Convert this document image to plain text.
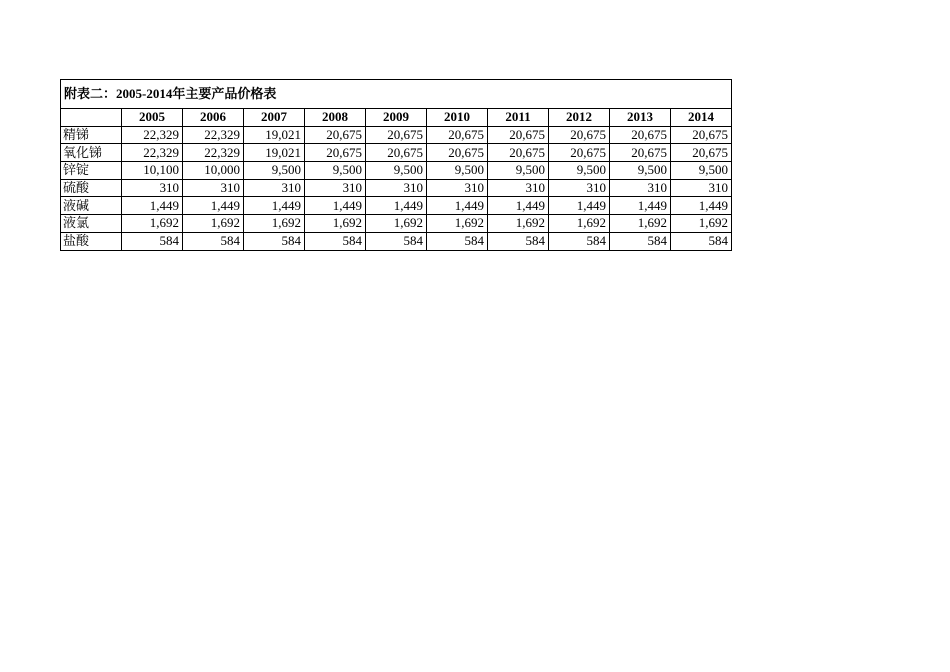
附表二：2005-2014年主要产品价格表										
	2005	2006	2007	2008	2009	2010	2011	2012	2013	2014
精锑	22,329	22,329	19,021	20,675	20,675	20,675	20,675	20,675	20,675	20,675
氧化锑	22,329	22,329	19,021	20,675	20,675	20,675	20,675	20,675	20,675	20,675
锌锭	10,100	10,000	9,500	9,500	9,500	9,500	9,500	9,500	9,500	9,500
硫酸	310	310	310	310	310	310	310	310	310	310
液碱	1,449	1,449	1,449	1,449	1,449	1,449	1,449	1,449	1,449	1,449
液氯	1,692	1,692	1,692	1,692	1,692	1,692	1,692	1,692	1,692	1,692
盐酸	584	584	584	584	584	584	584	584	584	584
